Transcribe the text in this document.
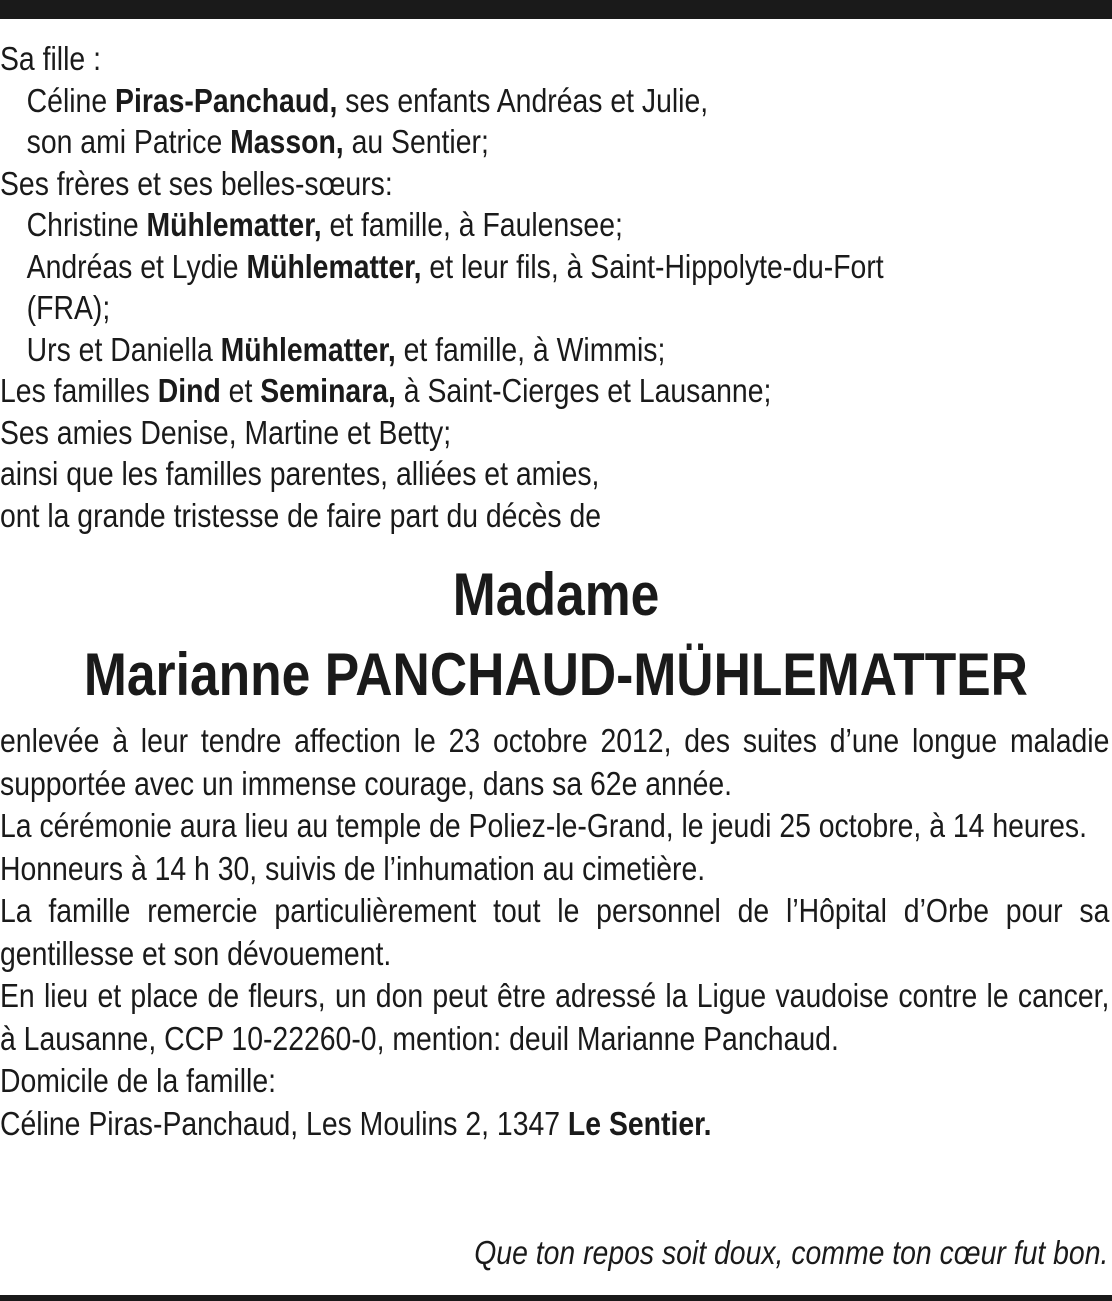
Sa fille :
Céline Piras-Panchaud, ses enfants Andréas et Julie,
son ami Patrice Masson, au Sentier;
Ses frères et ses belles-sœurs:
Christine Mühlematter, et famille, à Faulensee;
Andréas et Lydie Mühlematter, et leur fils, à Saint-Hippolyte-du-Fort
(FRA);
Urs et Daniella Mühlematter, et famille, à Wimmis;
Les familles Dind et Seminara, à Saint-Cierges et Lausanne;
Ses amies Denise, Martine et Betty;
ainsi que les familles parentes, alliées et amies,
ont la grande tristesse de faire part du décès de
Madame
Marianne PANCHAUD-MÜHLEMATTER

enlevée à leur tendre affection le 23 octobre 2012, des suites d’une longue maladie supportée avec un immense courage, dans sa 62e année.

La cérémonie aura lieu au temple de Poliez-le-Grand, le jeudi 25 octobre, à 14 heures.

Honneurs à 14 h 30, suivis de l’inhumation au cimetière.

La famille remercie particulièrement tout le personnel de l’Hôpital d’Orbe pour sa gentillesse et son dévouement.

En lieu et place de fleurs, un don peut être adressé la Ligue vaudoise contre le cancer, à Lausanne, CCP 10-22260-0, mention: deuil Marianne Panchaud.

Domicile de la famille:

Céline Piras-Panchaud, Les Moulins 2, 1347 Le Sentier.

Que ton repos soit doux, comme ton cœur fut bon.
